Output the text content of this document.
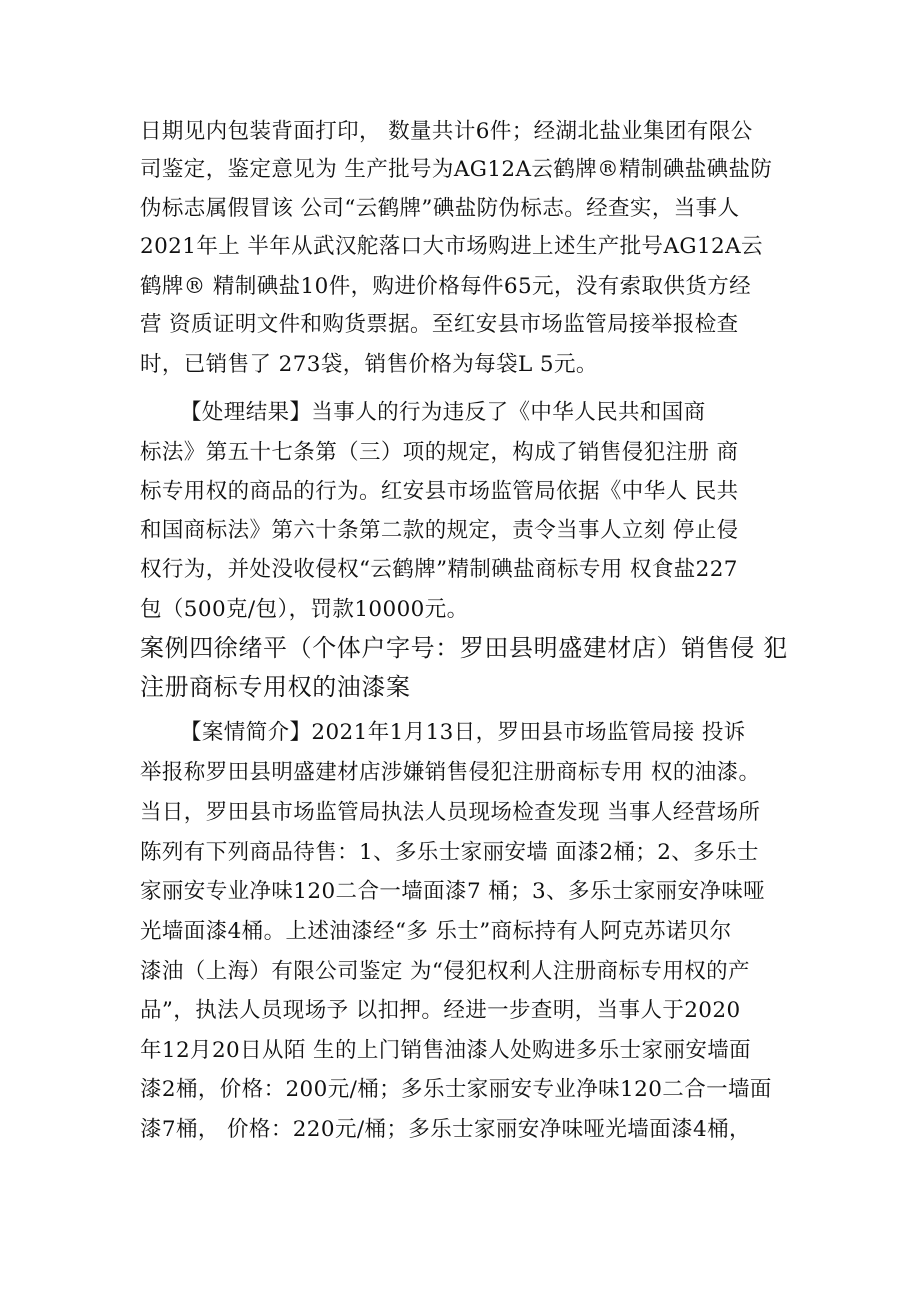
日期见内包装背面打印， 数量共计6件；经湖北盐业集团有限公
司鉴定，鉴定意见为 生产批号为AG12A云鹤牌®精制碘盐碘盐防
伪标志属假冒该 公司“云鹤牌”碘盐防伪标志。经查实，当事人
2021年上 半年从武汉舵落口大市场购进上述生产批号AG12A云
鹤牌® 精制碘盐10件，购进价格每件65元，没有索取供货方经
营 资质证明文件和购货票据。至红安县市场监管局接举报检查
时，已销售了 273袋，销售价格为每袋L 5元。
【处理结果】当事人的行为违反了《中华人民共和国商
标法》第五十七条第（三）项的规定，构成了销售侵犯注册 商
标专用权的商品的行为。红安县市场监管局依据《中华人 民共
和国商标法》第六十条第二款的规定，责令当事人立刻 停止侵
权行为，并处没收侵权“云鹤牌”精制碘盐商标专用 权食盐227
包（500克/包），罚款10000元。
案例四徐绪平（个体户字号：罗田县明盛建材店）销售侵 犯
注册商标专用权的油漆案
【案情简介】2021年1月13日，罗田县市场监管局接 投诉
举报称罗田县明盛建材店涉嫌销售侵犯注册商标专用 权的油漆。
当日，罗田县市场监管局执法人员现场检查发现 当事人经营场所
陈列有下列商品待售：1、多乐士家丽安墙 面漆2桶；2、多乐士
家丽安专业净味120二合一墙面漆7 桶；3、多乐士家丽安净味哑
光墙面漆4桶。上述油漆经“多 乐士”商标持有人阿克苏诺贝尔
漆油（上海）有限公司鉴定 为“侵犯权利人注册商标专用权的产
品”，执法人员现场予 以扣押。经进一步查明，当事人于2020
年12月20日从陌 生的上门销售油漆人处购进多乐士家丽安墙面
漆2桶，价格：200元/桶；多乐士家丽安专业净味120二合一墙面
漆7桶， 价格：220元/桶；多乐士家丽安净味哑光墙面漆4桶，
